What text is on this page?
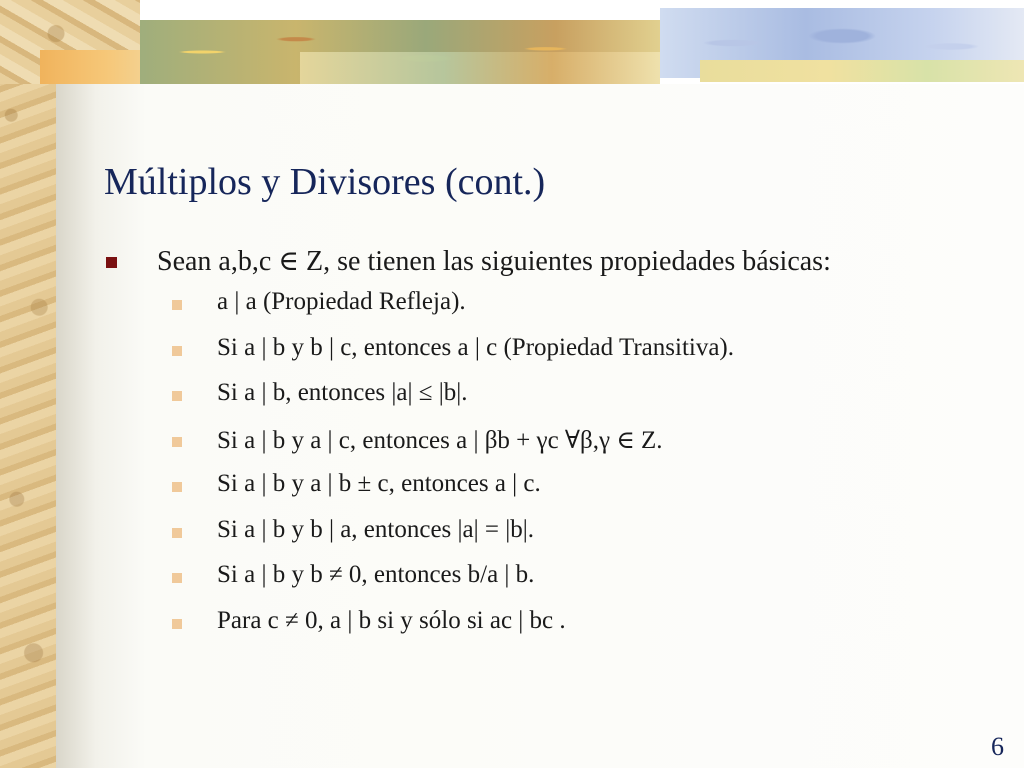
Múltiplos y Divisores (cont.)
Sean a,b,c ∈ Z, se tienen las siguientes propiedades básicas:
a | a (Propiedad Refleja).
Si a | b y b | c, entonces a | c (Propiedad Transitiva).
Si a | b, entonces |a| ≤ |b|.
Si a | b y a | c, entonces a | βb + γc ∀β,γ ∈ Z.
Si a | b y a | b ± c, entonces a | c.
Si a | b y b | a, entonces |a| = |b|.
Si a | b y b ≠ 0, entonces b/a | b.
Para c ≠ 0, a | b si y sólo si ac | bc .
6
